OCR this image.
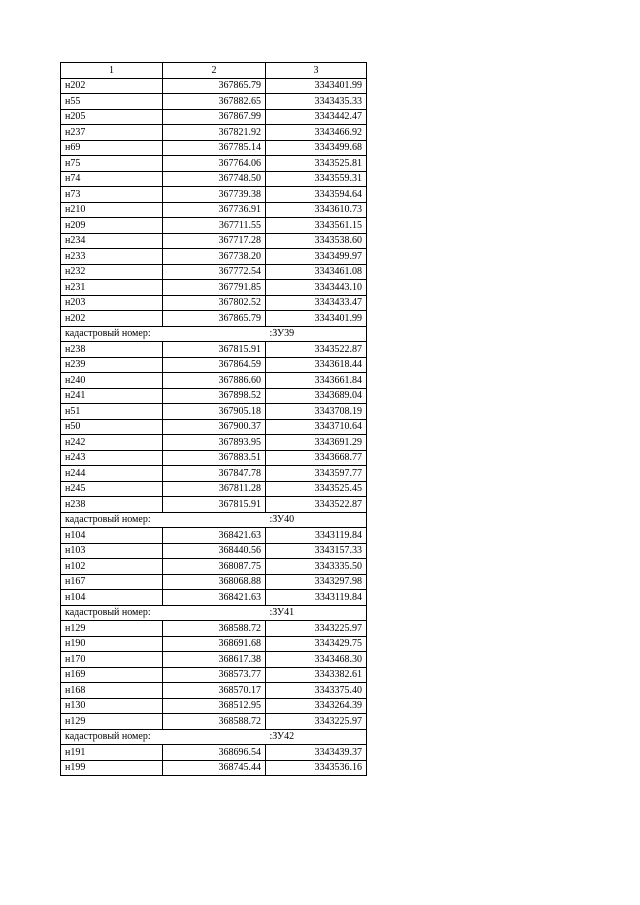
1	2	3
н202	367865.79	3343401.99
н55	367882.65	3343435.33
н205	367867.99	3343442.47
н237	367821.92	3343466.92
н69	367785.14	3343499.68
н75	367764.06	3343525.81
н74	367748.50	3343559.31
н73	367739.38	3343594.64
н210	367736.91	3343610.73
н209	367711.55	3343561.15
н234	367717.28	3343538.60
н233	367738.20	3343499.97
н232	367772.54	3343461.08
н231	367791.85	3343443.10
н203	367802.52	3343433.47
н202	367865.79	3343401.99
кадастровый номер:		:ЗУ39
н238	367815.91	3343522.87
н239	367864.59	3343618.44
н240	367886.60	3343661.84
н241	367898.52	3343689.04
н51	367905.18	3343708.19
н50	367900.37	3343710.64
н242	367893.95	3343691.29
н243	367883.51	3343668.77
н244	367847.78	3343597.77
н245	367811.28	3343525.45
н238	367815.91	3343522.87
кадастровый номер:		:ЗУ40
н104	368421.63	3343119.84
н103	368440.56	3343157.33
н102	368087.75	3343335.50
н167	368068.88	3343297.98
н104	368421.63	3343119.84
кадастровый номер:		:ЗУ41
н129	368588.72	3343225.97
н190	368691.68	3343429.75
н170	368617.38	3343468.30
н169	368573.77	3343382.61
н168	368570.17	3343375.40
н130	368512.95	3343264.39
н129	368588.72	3343225.97
кадастровый номер:		:ЗУ42
н191	368696.54	3343439.37
н199	368745.44	3343536.16
